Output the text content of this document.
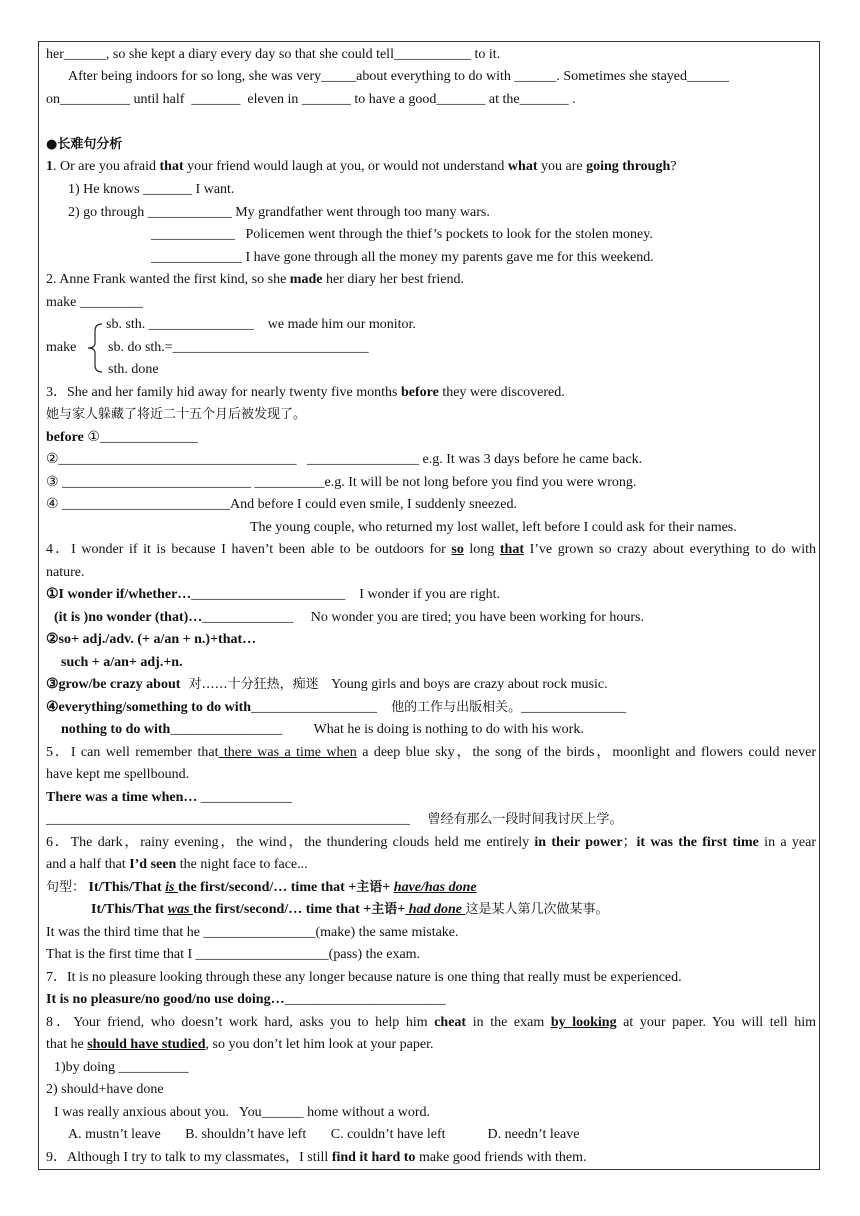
her______, so she kept a diary every day so that she could tell___________ to it.
After being indoors for so long, she was very_____about everything to do with ______. Sometimes she stayed______
on__________ until half  _______  eleven in _______ to have a good_______ at the_______ .
●长难句分析
1. Or are you afraid that your friend would laugh at you, or would not understand what you are going through?
1) He knows _______ I want.
2) go through ____________ My grandfather went through too many wars.
____________   Policemen went through the thief’s pockets to look for the stolen money.
_____________ I have gone through all the money my parents gave me for this weekend.
2. Anne Frank wanted the first kind, so she made her diary her best friend.
make _________
sb. sth. _______________    we made him our monitor.
make sb. do sth.=____________________________
sth. done
3．She and her family hid away for nearly twenty five months before they were discovered.
她与家人躲藏了将近二十五个月后被发现了。
before ①______________
②__________________________________   ________________ e.g. It was 3 days before he came back.
③ ___________________________ __________e.g. It will be not long before you find you were wrong.
④ ________________________And before I could even smile, I suddenly sneezed.
The young couple, who returned my lost wallet, left before I could ask for their names.
4．I wonder if it is because I haven’t been able to be outdoors for so long that I’ve grown so crazy about everything to do with
nature.
①I wonder if/whether…______________________    I wonder if you are right.
(it is )no wonder (that)…_____________     No wonder you are tired; you have been working for hours.
②so+ adj./adv. (+ a/an + n.)+that…
such + a/an+ adj.+n.
③grow/be crazy about  对……十分狂热，痴迷   Young girls and boys are crazy about rock music.
④everything/something to do with__________________    他的工作与出版相关。_______________
nothing to do with________________         What he is doing is nothing to do with his work.
5．I can well remember that there was a time when a deep blue sky，the song of the birds，moonlight and flowers could never
have kept me spellbound.
There was a time when… _____________
____________________________________________________     曾经有那么一段时间我讨厌上学。
6．The dark，rainy evening，the wind，the thundering clouds held me entirely in their power；it was the first time in a year
and a half that I’d seen the night face to face...
句型： It/This/That is the first/second/… time that +主语+ have/has done
It/This/That was the first/second/… time that +主语+ had done 这是某人第几次做某事。
It was the third time that he ________________(make) the same mistake.
That is the first time that I ___________________(pass) the exam.
7．It is no pleasure looking through these any longer because nature is one thing that really must be experienced.
It is no pleasure/no good/no use doing…_______________________
8．Your friend, who doesn’t work hard, asks you to help him cheat in the exam by looking at your paper. You will tell him
that he should have studied, so you don’t let him look at your paper.
1)by doing __________
2) should+have done
I was really anxious about you.   You______ home without a word.
A. mustn’t leave       B. shouldn’t have left       C. couldn’t have left            D. needn’t leave
9．Although I try to talk to my classmates，I still find it hard to make good friends with them.
